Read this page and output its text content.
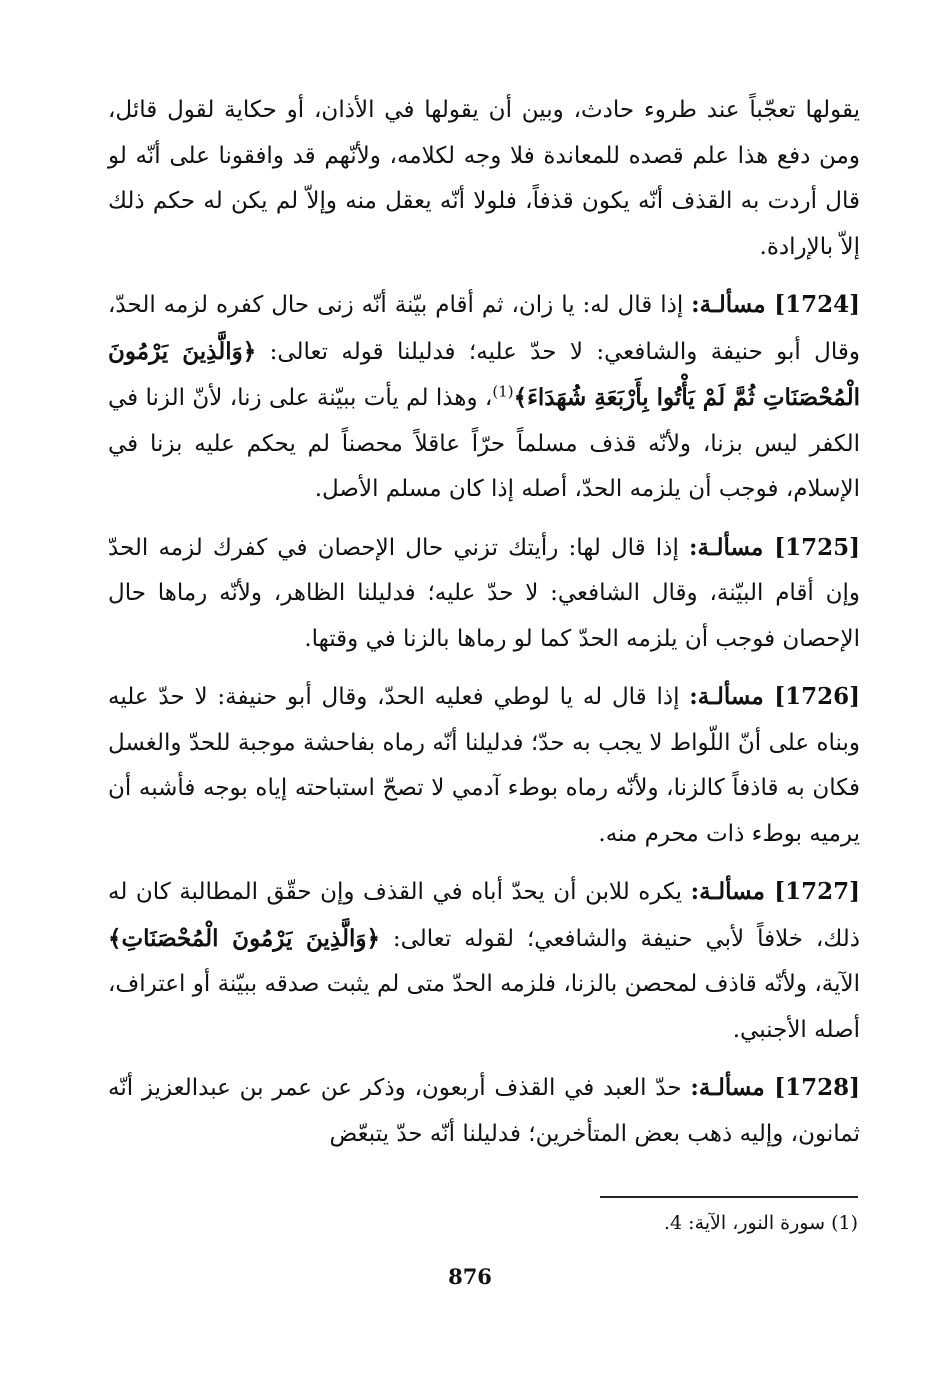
يقولها تعجّباً عند طروء حادث، وبين أن يقولها في الأذان، أو حكاية لقول قائل، ومن دفع هذا علم قصده للمعاندة فلا وجه لكلامه، ولأنّهم قد وافقونا على أنّه لو قال أردت به القذف أنّه يكون قذفاً، فلولا أنّه يعقل منه وإلاّ لم يكن له حكم ذلك إلاّ بالإرادة.

[1724] مسألـة: إذا قال له: يا زان، ثم أقام بيّنة أنّه زنى حال كفره لزمه الحدّ، وقال أبو حنيفة والشافعي: لا حدّ عليه؛ فدليلنا قوله تعالى: ﴿وَالَّذِينَ يَرْمُونَ الْمُحْصَنَاتِ ثُمَّ لَمْ يَأْتُوا بِأَرْبَعَةِ شُهَدَاءَ﴾$^{(1)}$، وهذا لم يأت ببيّنة على زنا، لأنّ الزنا في الكفر ليس بزنا، ولأنّه قذف مسلماً حرّاً عاقلاً محصناً لم يحكم عليه بزنا في الإسلام، فوجب أن يلزمه الحدّ، أصله إذا كان مسلم الأصل.

[1725] مسألـة: إذا قال لها: رأيتك تزني حال الإحصان في كفرك لزمه الحدّ وإن أقام البيّنة، وقال الشافعي: لا حدّ عليه؛ فدليلنا الظاهر، ولأنّه رماها حال الإحصان فوجب أن يلزمه الحدّ كما لو رماها بالزنا في وقتها.

[1726] مسألـة: إذا قال له يا لوطي فعليه الحدّ، وقال أبو حنيفة: لا حدّ عليه وبناه على أنّ اللّواط لا يجب به حدّ؛ فدليلنا أنّه رماه بفاحشة موجبة للحدّ والغسل فكان به قاذفاً كالزنا، ولأنّه رماه بوطء آدمي لا تصحّ استباحته إياه بوجه فأشبه أن يرميه بوطء ذات محرم منه.

[1727] مسألـة: يكره للابن أن يحدّ أباه في القذف وإن حقّق المطالبة كان له ذلك، خلافاً لأبي حنيفة والشافعي؛ لقوله تعالى: ﴿وَالَّذِينَ يَرْمُونَ الْمُحْصَنَاتِ﴾ الآية، ولأنّه قاذف لمحصن بالزنا، فلزمه الحدّ متى لم يثبت صدقه ببيّنة أو اعتراف، أصله الأجنبي.

[1728] مسألـة: حدّ العبد في القذف أربعون، وذكر عن عمر بن عبدالعزيز أنّه ثمانون، وإليه ذهب بعض المتأخرين؛ فدليلنا أنّه حدّ يتبعّض

(1) سورة النور، الآية: 4.
876
